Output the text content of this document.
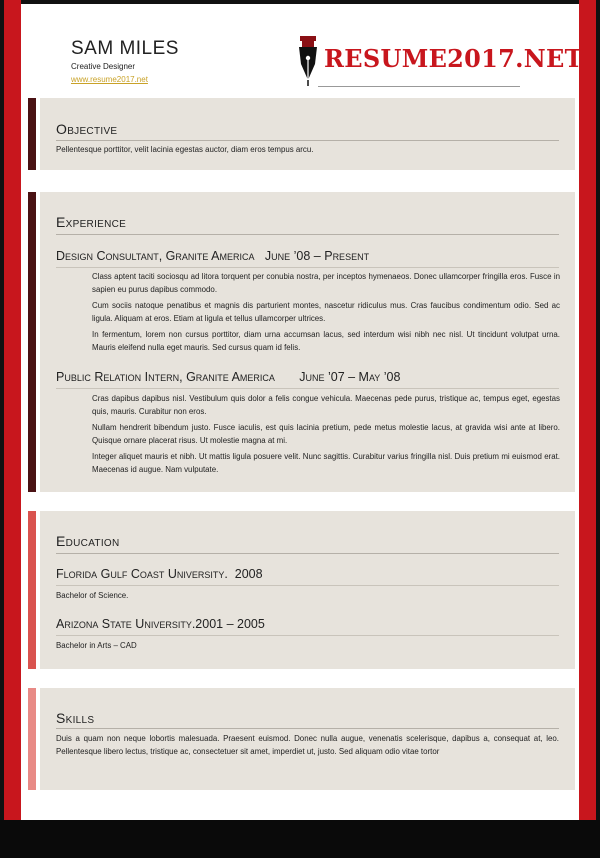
SAM MILES
Creative Designer
www.resume2017.net
RESUME2017.NET
Objective
Pellentesque porttitor, velit lacinia egestas auctor, diam eros tempus arcu.
Experience
Design Consultant, Granite America June ’08 – Present
Class aptent taciti sociosqu ad litora torquent per conubia nostra, per inceptos hymenaeos. Donec ullamcorper fringilla eros. Fusce in sapien eu purus dapibus commodo.
Cum sociis natoque penatibus et magnis dis parturient montes, nascetur ridiculus mus. Cras faucibus condimentum odio. Sed ac ligula. Aliquam at eros. Etiam at ligula et tellus ullamcorper ultrices.
In fermentum, lorem non cursus porttitor, diam urna accumsan lacus, sed interdum wisi nibh nec nisl. Ut tincidunt volutpat urna. Mauris eleifend nulla eget mauris. Sed cursus quam id felis.
Public Relation Intern, Granite America June ’07 – May ’08
Cras dapibus dapibus nisl. Vestibulum quis dolor a felis congue vehicula. Maecenas pede purus, tristique ac, tempus eget, egestas quis, mauris. Curabitur non eros.
Nullam hendrerit bibendum justo. Fusce iaculis, est quis lacinia pretium, pede metus molestie lacus, at gravida wisi ante at libero. Quisque ornare placerat risus. Ut molestie magna at mi.
Integer aliquet mauris et nibh. Ut mattis ligula posuere velit. Nunc sagittis. Curabitur varius fringilla nisl. Duis pretium mi euismod erat. Maecenas id augue. Nam vulputate.
Education
Florida Gulf Coast University. 2008
Bachelor of Science.
Arizona State University.2001 – 2005
Bachelor in Arts – CAD
Skills
Duis a quam non neque lobortis malesuada. Praesent euismod. Donec nulla augue, venenatis scelerisque, dapibus a, consequat at, leo. Pellentesque libero lectus, tristique ac, consectetuer sit amet, imperdiet ut, justo. Sed aliquam odio vitae tortor
